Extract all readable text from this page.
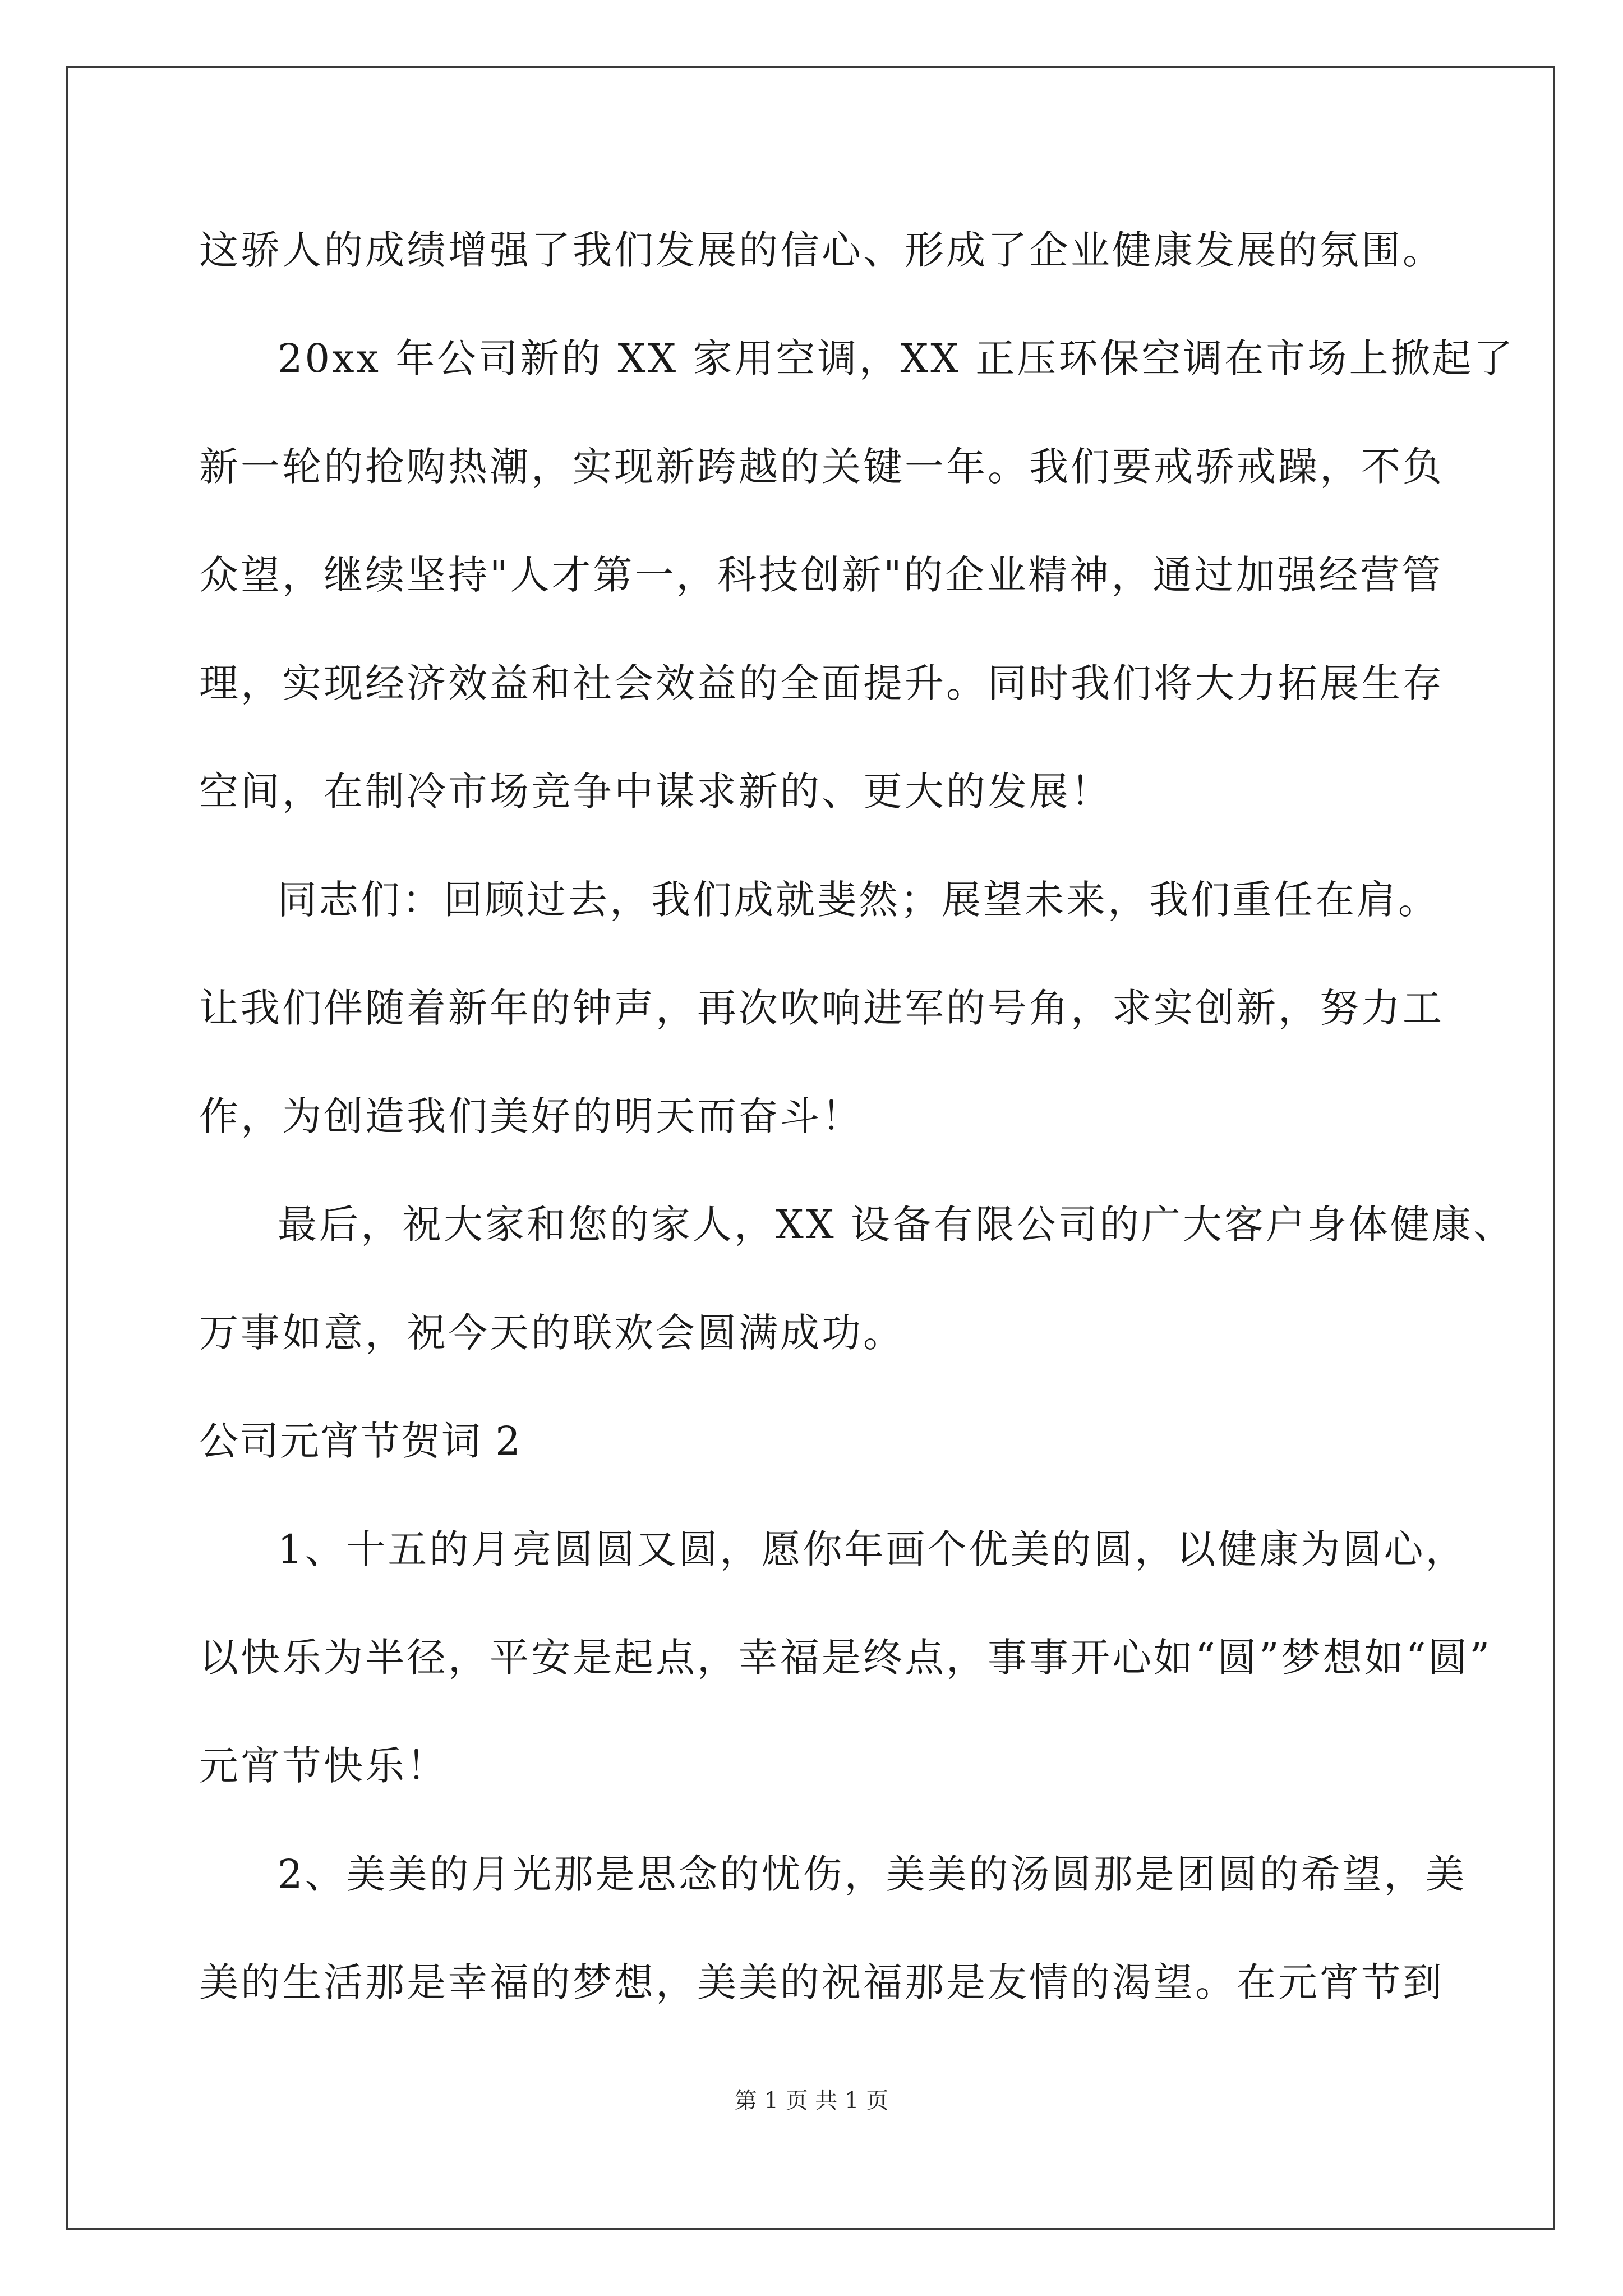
这骄人的成绩增强了我们发展的信心、形成了企业健康发展的氛围。
20xx 年公司新的 XX 家用空调，XX 正压环保空调在市场上掀起了
新一轮的抢购热潮，实现新跨越的关键一年。我们要戒骄戒躁，不负
众望，继续坚持"人才第一，科技创新"的企业精神，通过加强经营管
理，实现经济效益和社会效益的全面提升。同时我们将大力拓展生存
空间，在制冷市场竞争中谋求新的、更大的发展！
同志们：回顾过去，我们成就斐然；展望未来，我们重任在肩。
让我们伴随着新年的钟声，再次吹响进军的号角，求实创新，努力工
作，为创造我们美好的明天而奋斗！
最后，祝大家和您的家人，XX 设备有限公司的广大客户身体健康、
万事如意，祝今天的联欢会圆满成功。
公司元宵节贺词 2
1、十五的月亮圆圆又圆，愿你年画个优美的圆，以健康为圆心，
以快乐为半径，平安是起点，幸福是终点，事事开心如“圆”梦想如“圆”
元宵节快乐！
2、美美的月光那是思念的忧伤，美美的汤圆那是团圆的希望，美
美的生活那是幸福的梦想，美美的祝福那是友情的渴望。在元宵节到
第 1 页 共 1 页
